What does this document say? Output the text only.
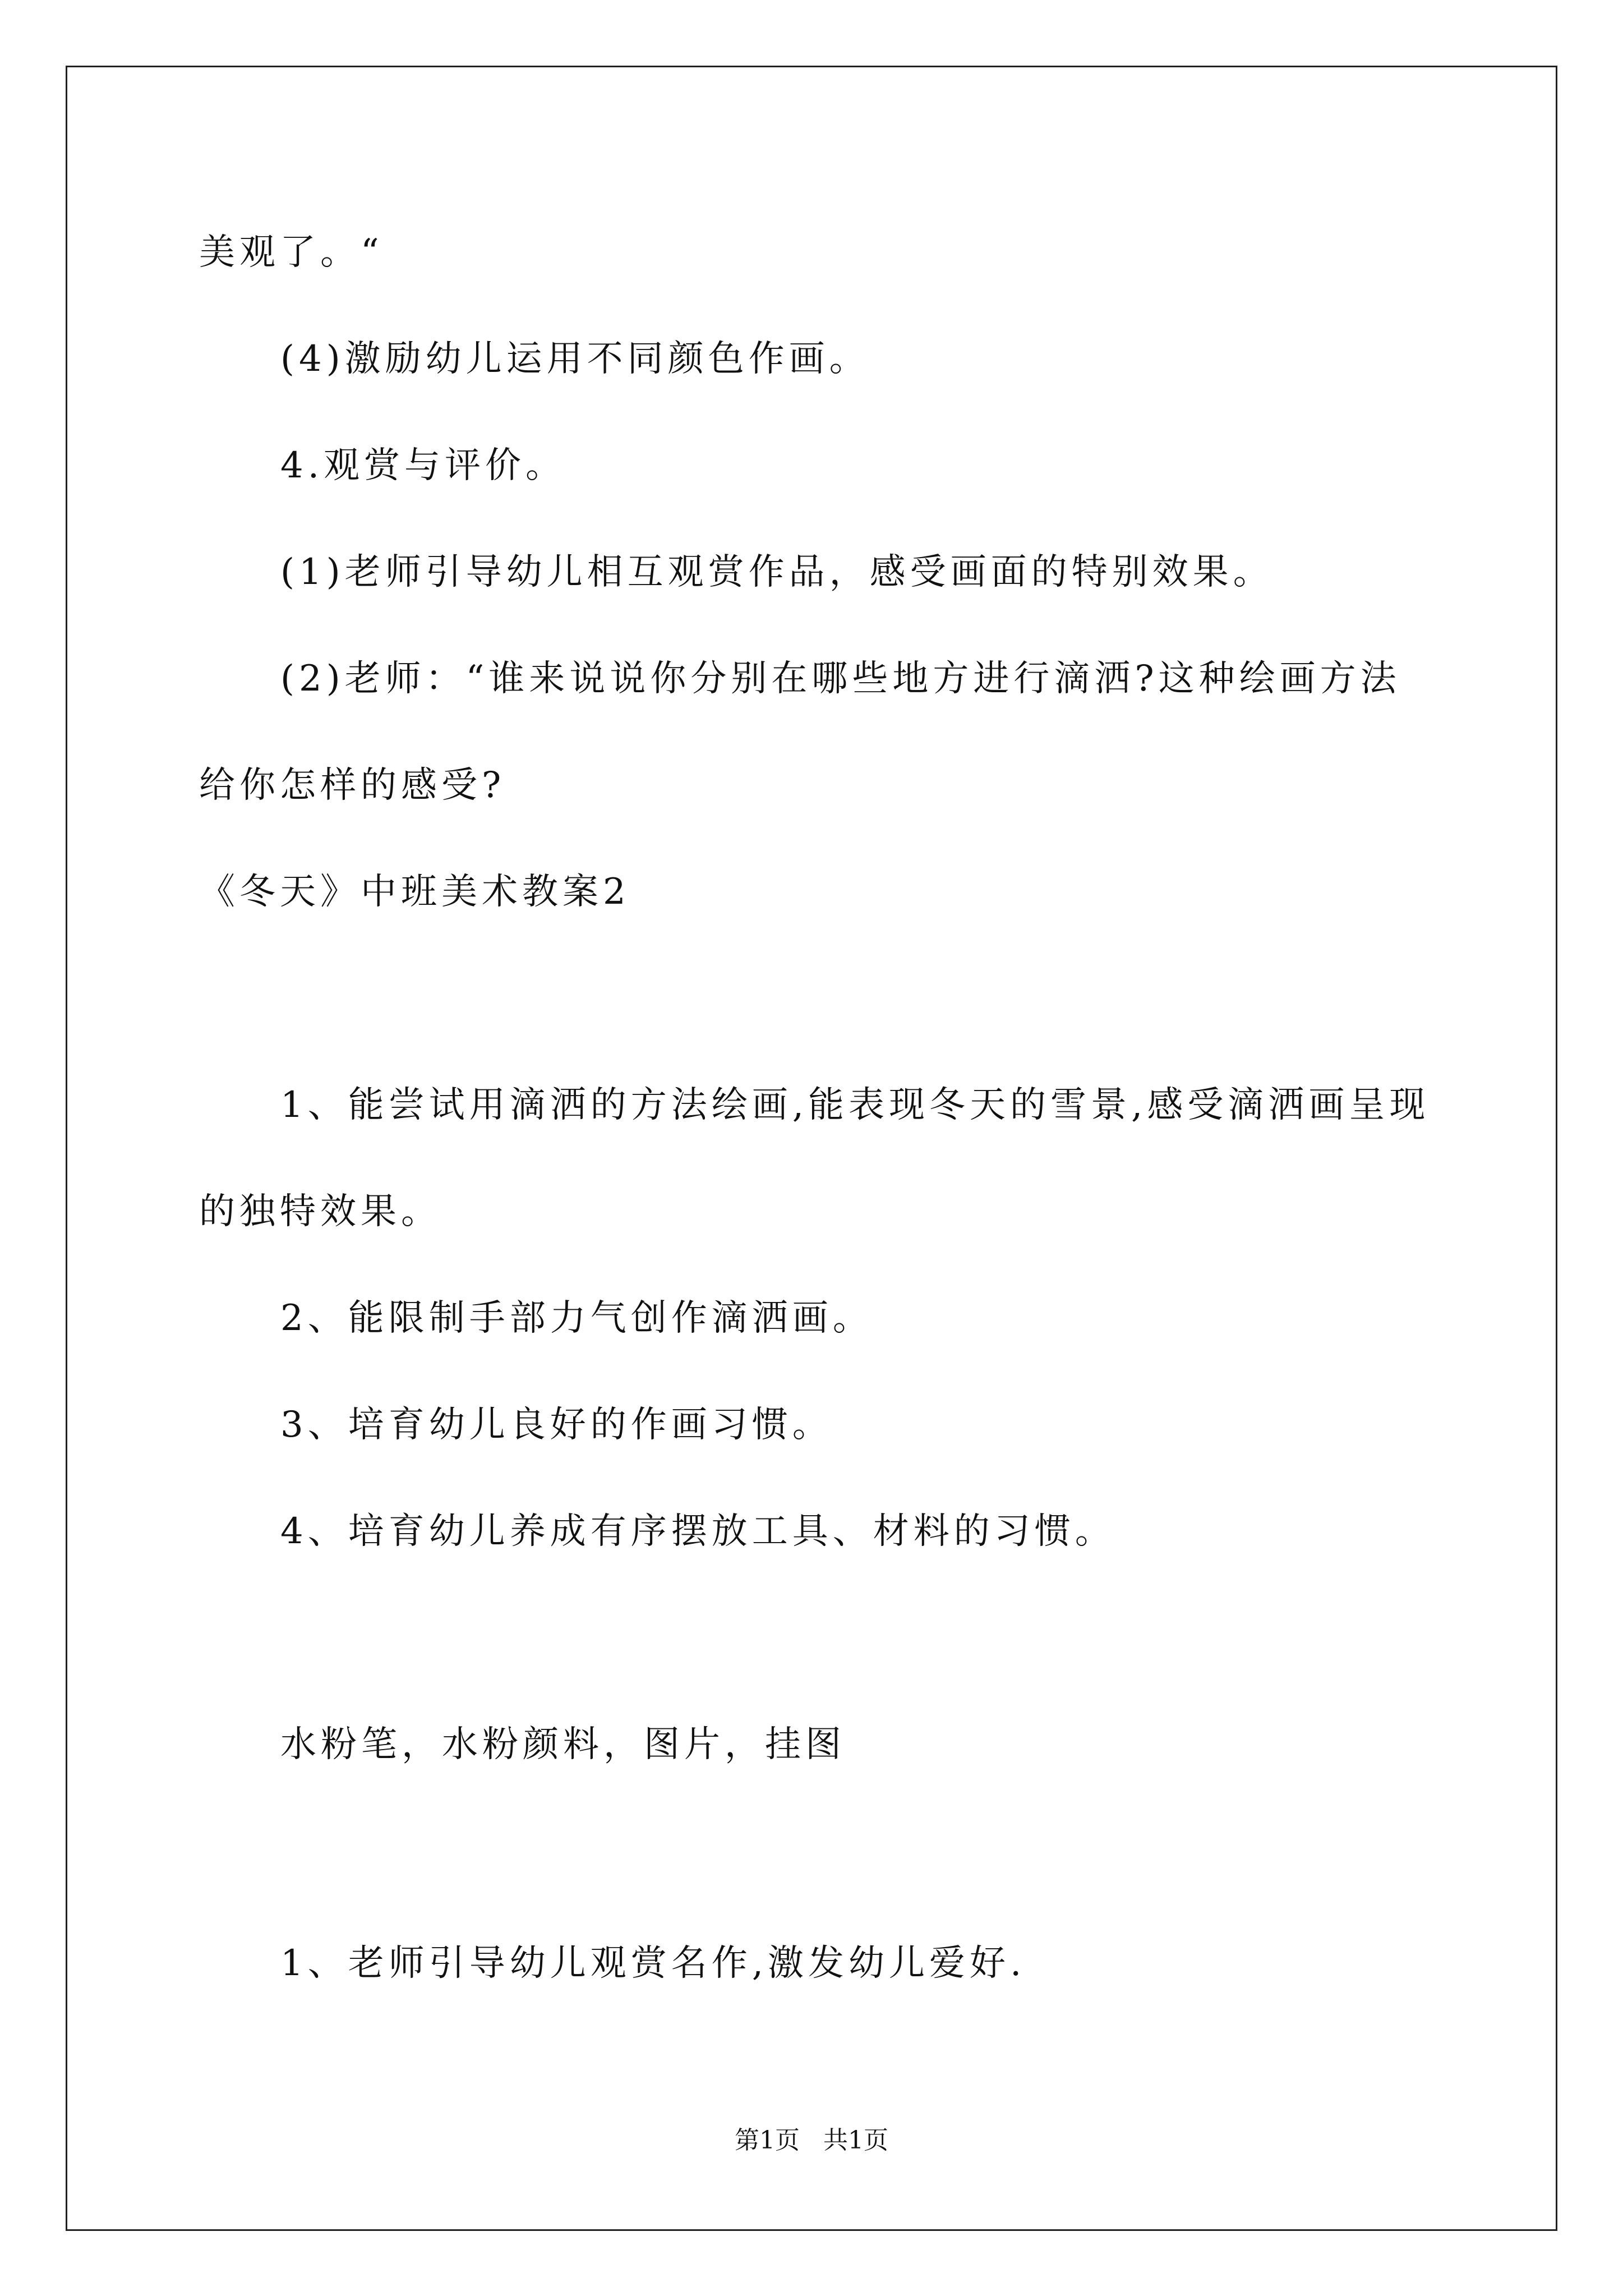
美观了。“
(4)激励幼儿运用不同颜色作画。
4.观赏与评价。
(1)老师引导幼儿相互观赏作品，感受画面的特别效果。
(2)老师：“谁来说说你分别在哪些地方进行滴洒?这种绘画方法
给你怎样的感受?
《冬天》中班美术教案2
1、能尝试用滴洒的方法绘画,能表现冬天的雪景,感受滴洒画呈现
的独特效果。
2、能限制手部力气创作滴洒画。
3、培育幼儿良好的作画习惯。
4、培育幼儿养成有序摆放工具、材料的习惯。
水粉笔，水粉颜料，图片，挂图
1、老师引导幼儿观赏名作,激发幼儿爱好.
第1页   共1页
